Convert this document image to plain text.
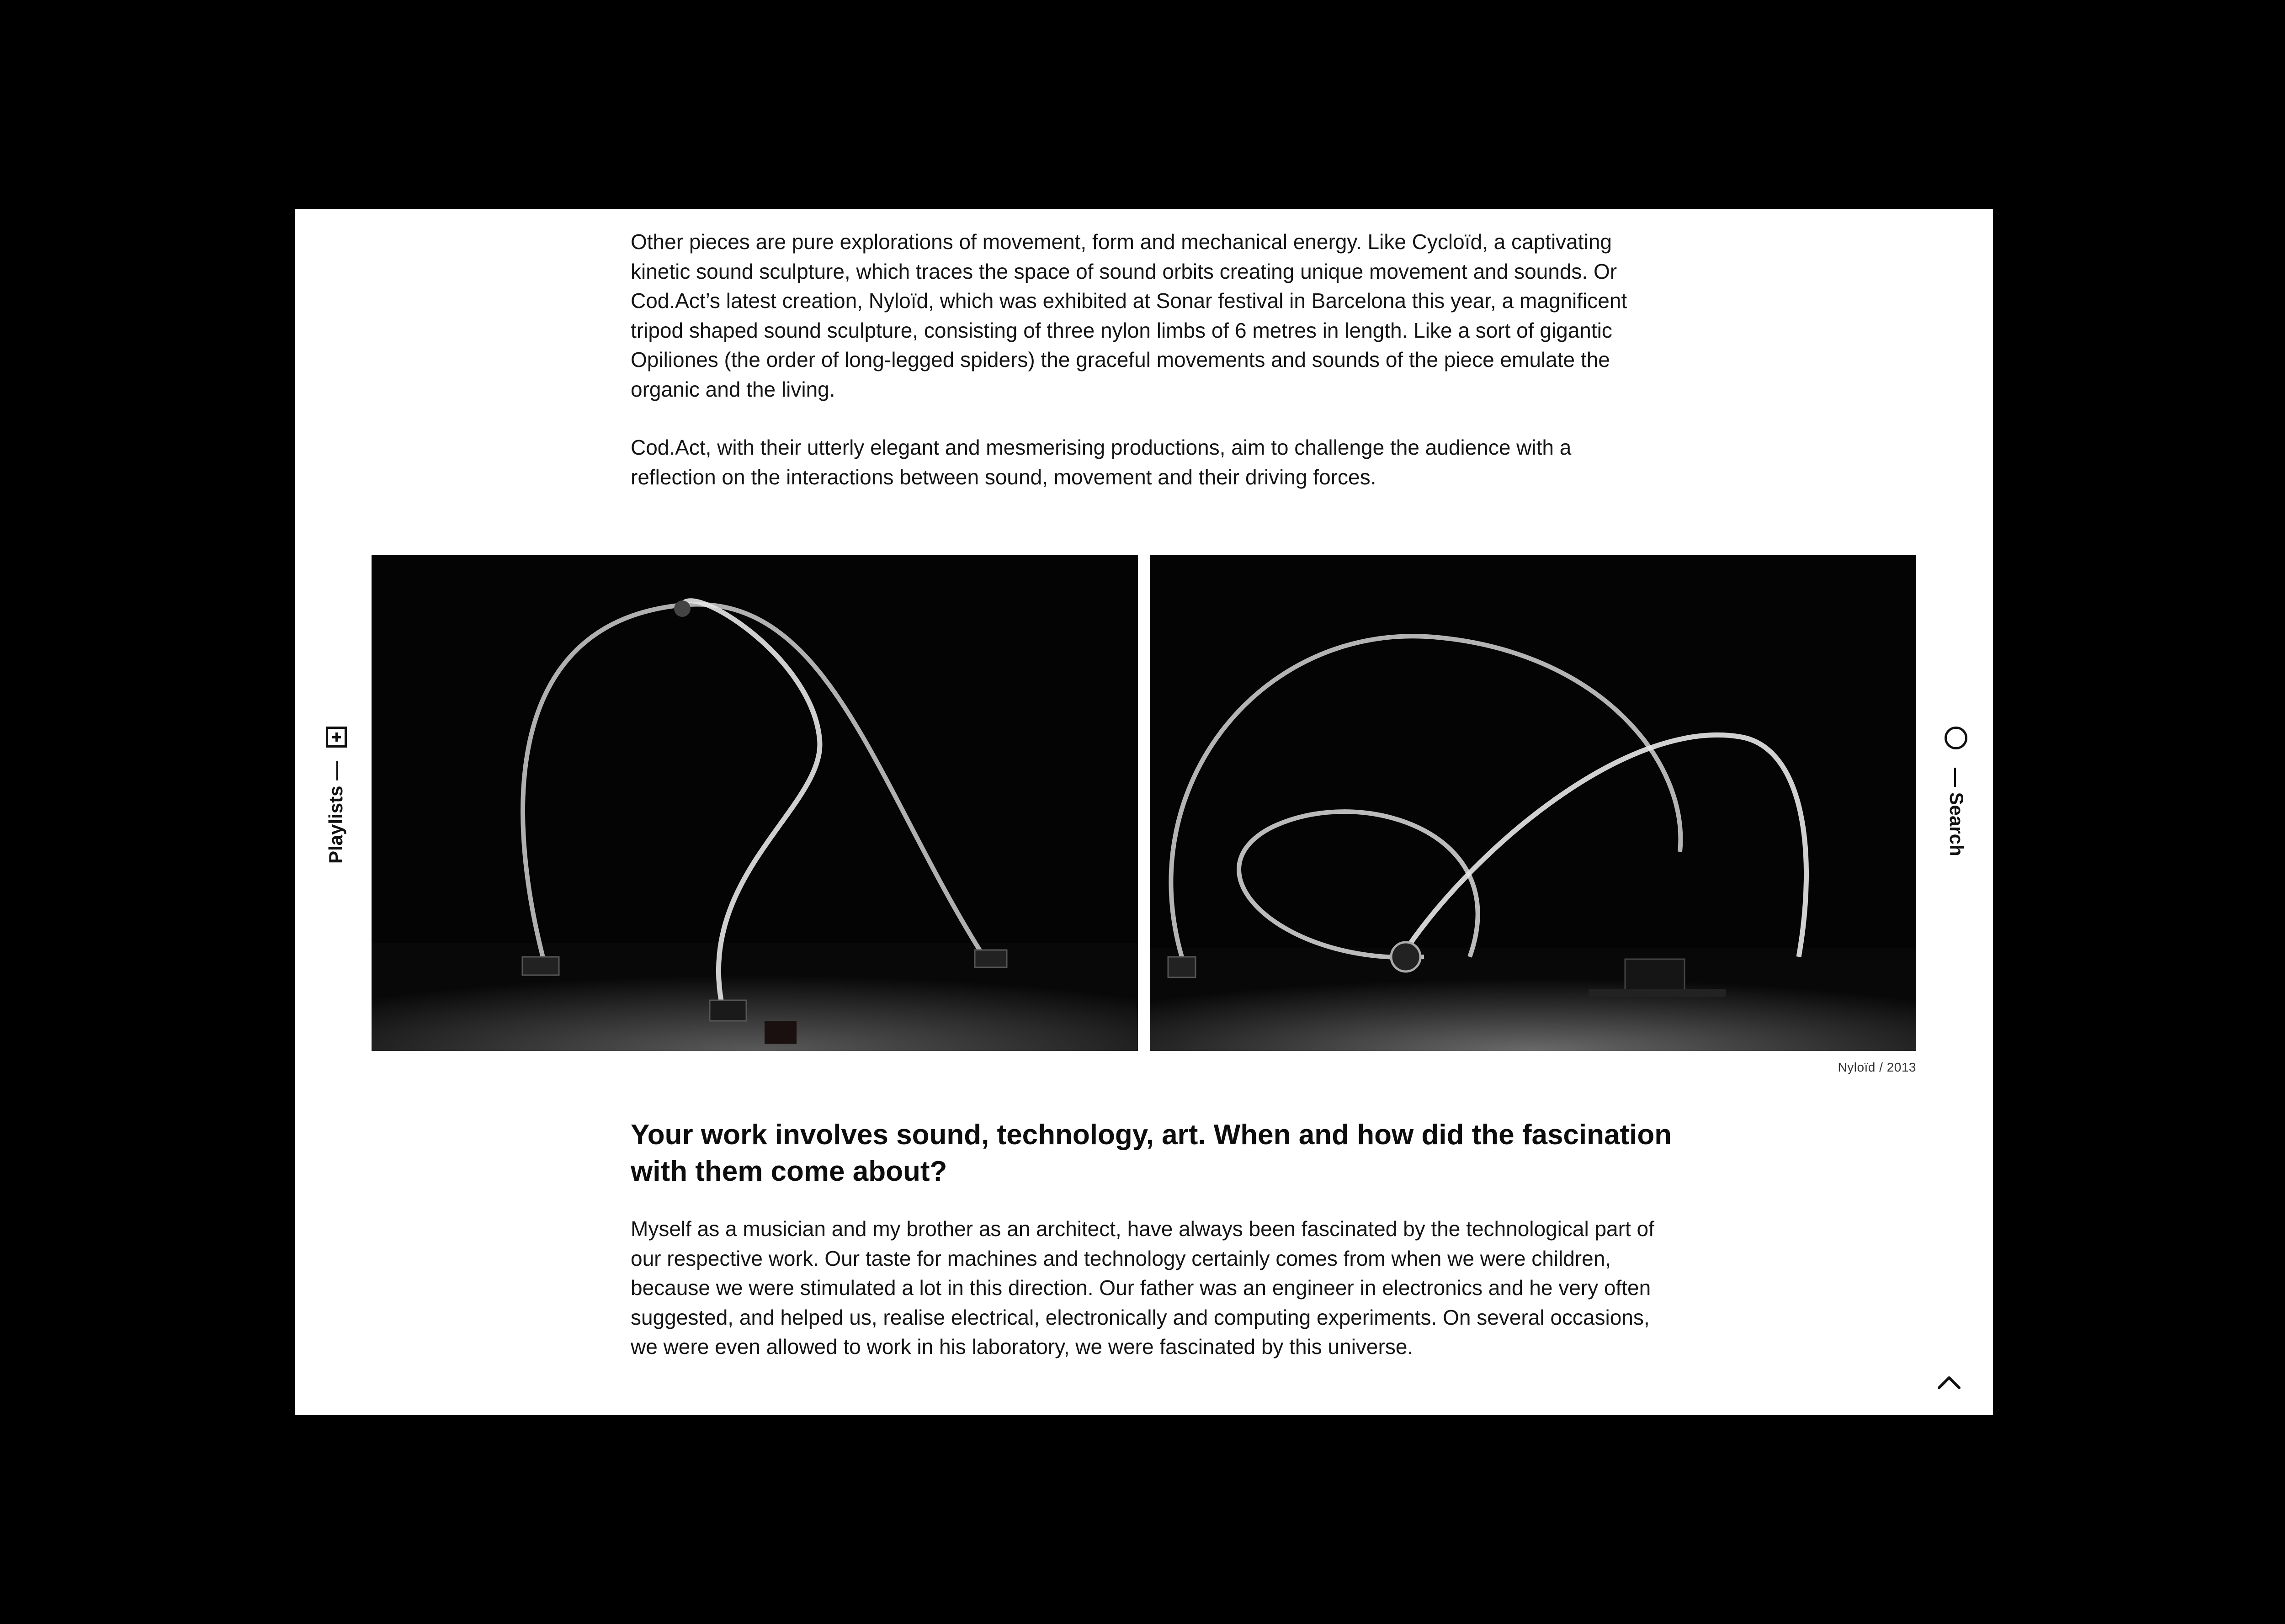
Other pieces are pure explorations of movement, form and mechanical energy. Like Cycloïd, a captivating kinetic sound sculpture, which traces the space of sound orbits creating unique movement and sounds. Or Cod.Act’s latest creation, Nyloïd, which was exhibited at Sonar festival in Barcelona this year, a magnificent tripod shaped sound sculpture, consisting of three nylon limbs of 6 metres in length. Like a sort of gigantic Opiliones (the order of long-legged spiders) the graceful movements and sounds of the piece emulate the organic and the living.

Cod.Act, with their utterly elegant and mesmerising productions, aim to challenge the audience with a reflection on the interactions between sound, movement and their driving forces.

Nyloïd / 2013
Your work involves sound, technology, art. When and how did the fascination with them come about?

Myself as a musician and my brother as an architect, have always been fascinated by the technological part of our respective work. Our taste for machines and technology certainly comes from when we were children, because we were stimulated a lot in this direction. Our father was an engineer in electronics and he very often suggested, and helped us, realise electrical, electronically and computing experiments. On several occasions, we were even allowed to work in his laboratory, we were fascinated by this universe.

Playlists —	— Search
